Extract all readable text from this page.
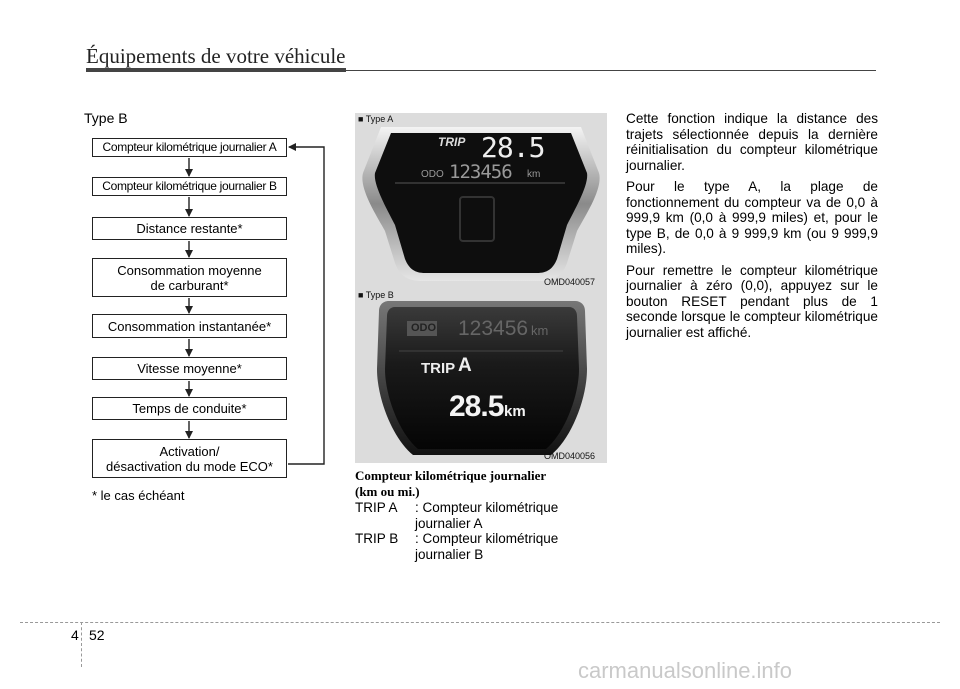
Équipements de votre véhicule
Type B
Compteur kilométrique journalier A
Compteur kilométrique journalier B
Distance restante*
Consommation moyenne
de carburant*
Consommation instantanée*
Vitesse moyenne*
Temps de conduite*
Activation/
désactivation du mode ECO*
* le cas échéant
■ Type A
TRIP 28.5
ODO 123456 km
OMD040057
■ Type B
ODO 123456 km
TRIP A
28.5 km
OMD040056
Compteur kilométrique journalier
(km ou mi.)
TRIP A : Compteur kilométrique
journalier A
TRIP B : Compteur kilométrique
journalier B

Cette fonction indique la distance des trajets sélectionnée depuis la dernière réinitialisation du compteur kilométrique journalier.

Pour le type A, la plage de fonctionnement du compteur va de 0,0 à 999,9 km (0,0 à 999,9 miles) et, pour le type B, de 0,0 à 9 999,9 km (ou 9 999,9 miles).

Pour remettre le compteur kilométrique journalier à zéro (0,0), appuyez sur le bouton RESET pendant plus de 1 seconde lorsque le compteur kilométrique journalier est affiché.

4 52
carmanualsonline.info
